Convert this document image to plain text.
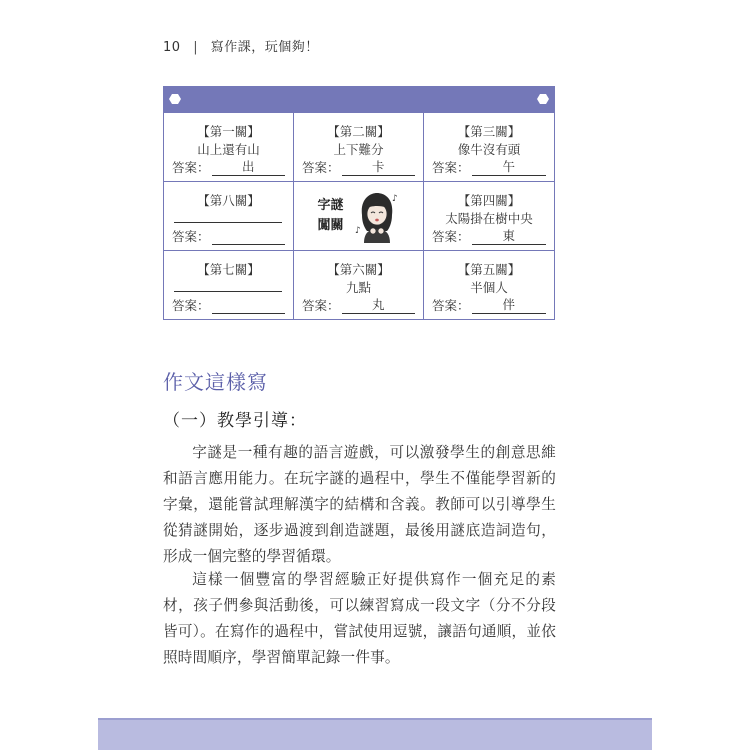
10 | 寫作課，玩個夠！
【第一關】
山上還有山
答案：	出
【第二關】
上下難分
答案：	卡
【第三關】
像牛沒有頭
答案：	午
【第八關】
答案：
字謎
闖關
♪
♪
【第四關】
太陽掛在樹中央
答案：	東
【第七關】
答案：
【第六關】
九點
答案：	丸
【第五關】
半個人
答案：	伴
作文這樣寫
（一）教學引導：

字謎是一種有趣的語言遊戲，可以激發學生的創意思維和語言應用能力。在玩字謎的過程中，學生不僅能學習新的字彙，還能嘗試理解漢字的結構和含義。教師可以引導學生從猜謎開始，逐步過渡到創造謎題，最後用謎底造詞造句，形成一個完整的學習循環。

這樣一個豐富的學習經驗正好提供寫作一個充足的素材，孩子們參與活動後，可以練習寫成一段文字（分不分段皆可）。在寫作的過程中，嘗試使用逗號，讓語句通順，並依照時間順序，學習簡單記錄一件事。
